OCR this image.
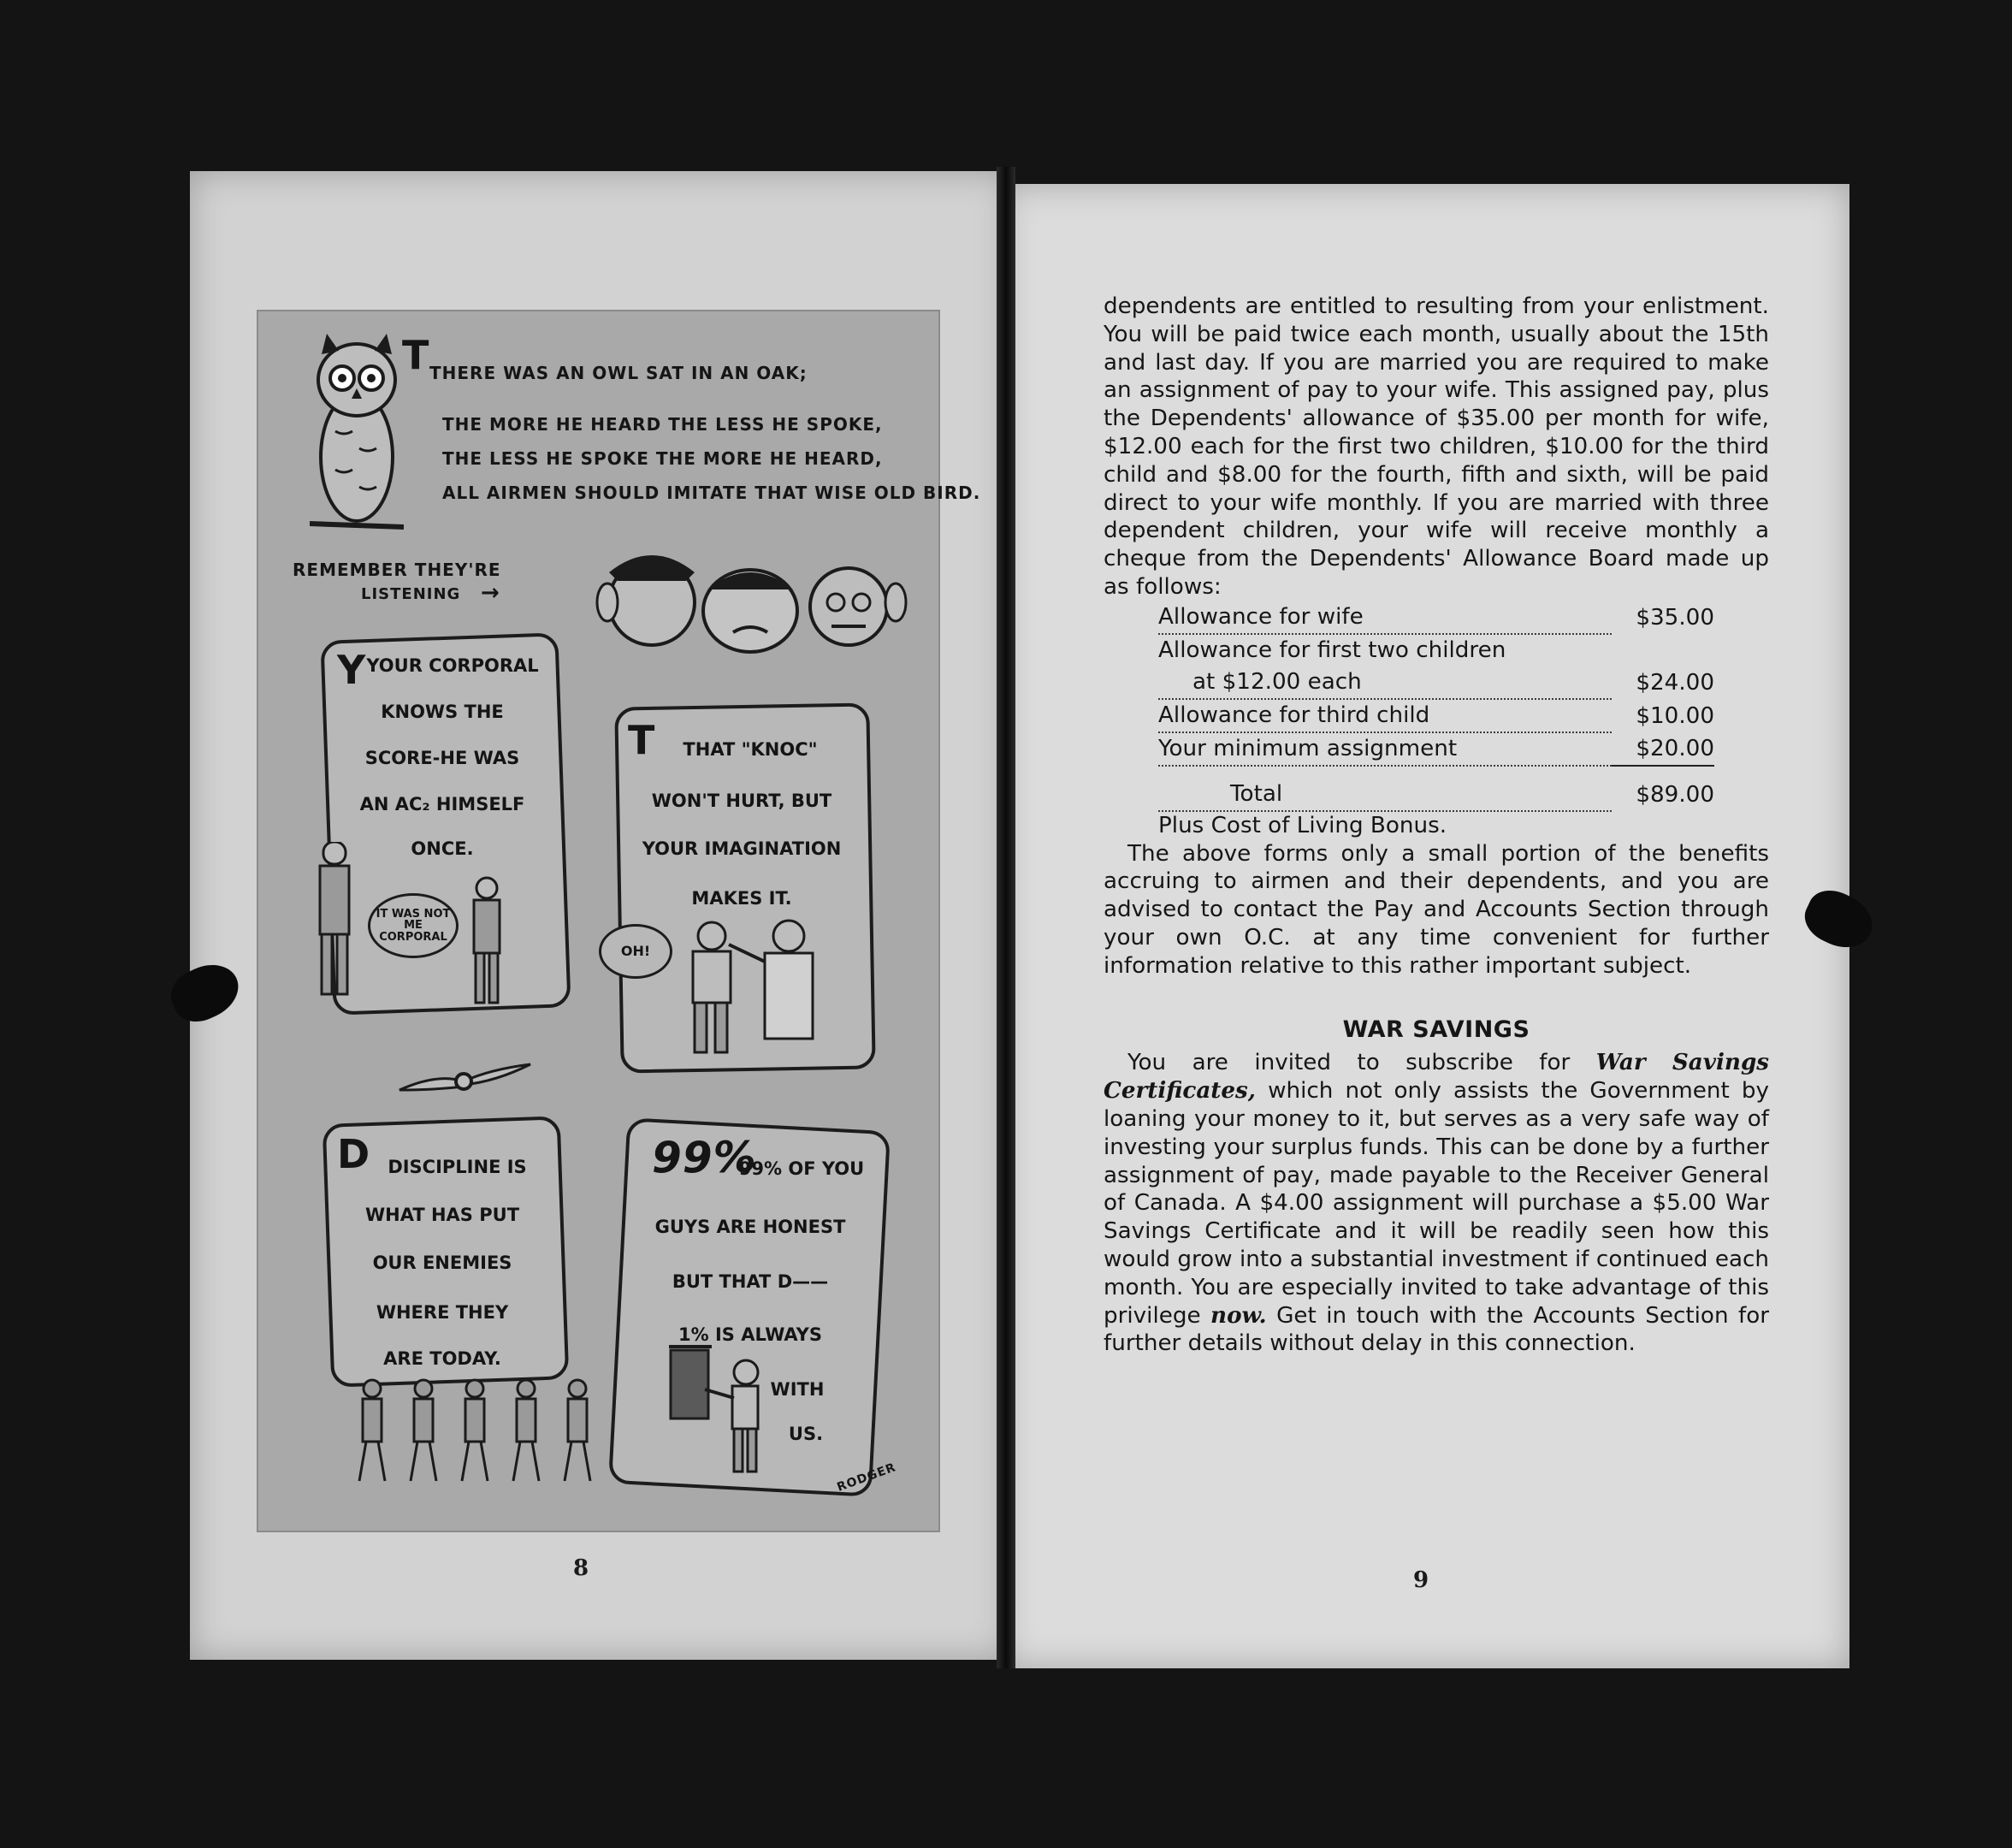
T THERE WAS AN OWL SAT IN AN OAK;
THE MORE HE HEARD THE LESS HE SPOKE,
THE LESS HE SPOKE THE MORE HE HEARD,
ALL AIRMEN SHOULD IMITATE THAT WISE OLD BIRD.
REMEMBER THEY'RE
LISTENING →
Y YOUR CORPORAL
KNOWS THE
SCORE-HE WAS
AN AC₂ HIMSELF
ONCE.
IT WAS NOT ME CORPORAL
T	THAT "KNOC"
WON'T HURT, BUT
YOUR IMAGINATION
MAKES IT.
OH!
D DISCIPLINE IS
WHAT HAS PUT
OUR ENEMIES
WHERE THEY
ARE TODAY.
99%
99% OF YOU
GUYS ARE HONEST
BUT THAT D——
1% IS ALWAYS
WITH
US.
RODGER
8

dependents are entitled to resulting from your enlistment. You will be paid twice each month, usually about the 15th and last day. If you are married you are required to make an assignment of pay to your wife. This assigned pay, plus the Dependents' allowance of $35.00 per month for wife, $12.00 each for the first two children, $10.00 for the third child and $8.00 for the fourth, fifth and sixth, will be paid direct to your wife monthly. If you are married with three dependent children, your wife will receive monthly a cheque from the Dependents' Allowance Board made up as follows:

Allowance for wife	$35.00
Allowance for first two children	
at $12.00 each	$24.00
Allowance for third child	$10.00
Your minimum assignment	$20.00
Total	$89.00

Plus Cost of Living Bonus.

The above forms only a small portion of the benefits accruing to airmen and their dependents, and you are advised to contact the Pay and Accounts Section through your own O.C. at any time convenient for further information relative to this rather important subject.

WAR SAVINGS

You are invited to subscribe for War Savings Certificates, which not only assists the Government by loaning your money to it, but serves as a very safe way of investing your surplus funds. This can be done by a further assignment of pay, made payable to the Receiver General of Canada. A $4.00 assignment will purchase a $5.00 War Savings Certificate and it will be readily seen how this would grow into a substantial investment if continued each month. You are especially invited to take advantage of this privilege now. Get in touch with the Accounts Section for further details without delay in this connection.

9
